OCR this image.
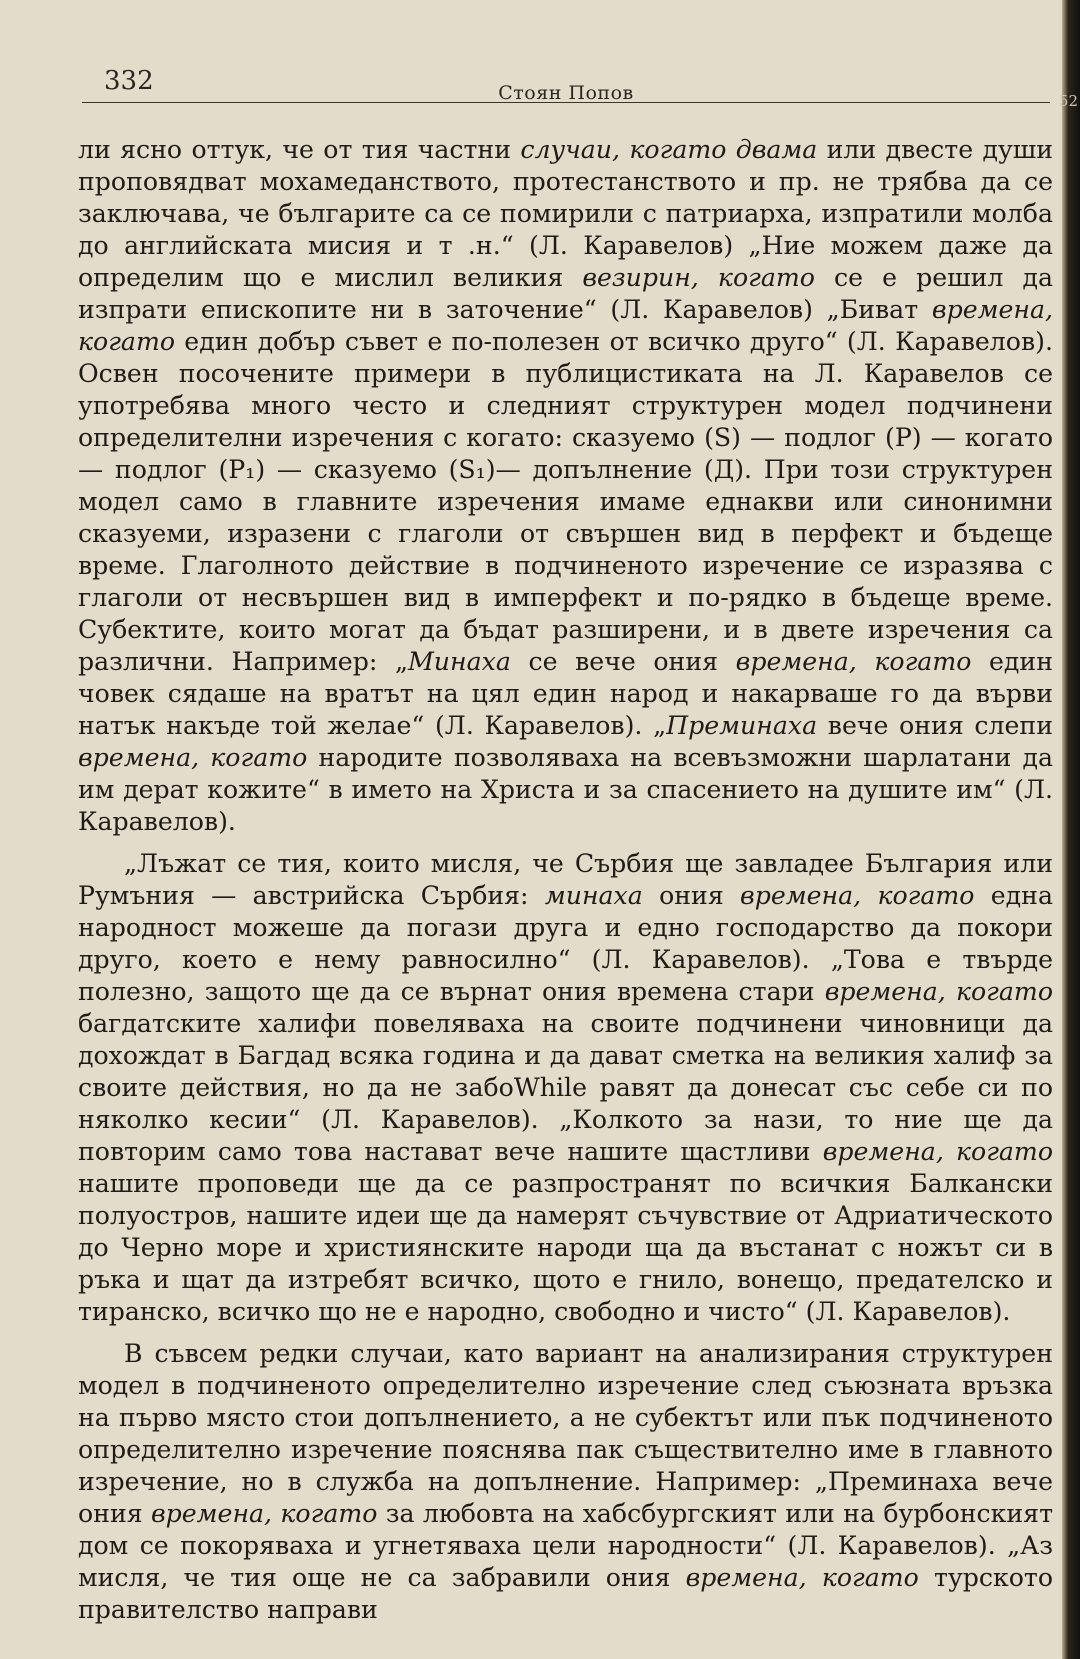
332	Стоян Попов

ли ясно оттук, че от тия частни случаи, когато двама или двесте души проповядват мохамеданството, протестанството и пр. не трябва да се заключава, че българите са се помирили с патриарха, изпратили молба до английската мисия и т .н.“ (Л. Каравелов) „Ние можем даже да определим що е мислил великия везирин, когато се е решил да изпрати епископите ни в заточение“ (Л. Каравелов) „Биват времена, когато един добър съвет е по-полезен от всичко друго“ (Л. Каравелов). Освен посочените примери в публицистиката на Л. Каравелов се употребява много често и следният структурен модел подчинени определителни изречения с когато: сказуемо (S) — подлог (P) — когато — подлог (P₁) — сказуемо (S₁)— допълнение (Д). При този структурен модел само в главните изречения имаме еднакви или синонимни сказуеми, изразени с глаголи от свършен вид в перфект и бъдеще време. Глаголното действие в подчиненото изречение се изразява с глаголи от несвършен вид в имперфект и по-рядко в бъдеще време. Субектите, които могат да бъдат разширени, и в двете изречения са различни. Например: „Минаха се вече ония времена, когато един човек сядаше на вратът на цял един народ и накарваше го да върви натък накъде той желае“ (Л. Каравелов). „Преминаха вече ония слепи времена, когато народите позволяваха на всевъзможни шарлатани да им дерат кожите“ в името на Христа и за спасението на душите им“ (Л. Каравелов).

„Лъжат се тия, които мисля, че Сърбия ще завладее България или Румъния — австрийска Сърбия: минаха ония времена, когато една народност можеше да погази друга и едно господарство да покори друго, което е нему равносилно“ (Л. Каравелов). „Това е твърде полезно, защото ще да се върнат ония времена стари времена, когато багдатските халифи повеляваха на своите подчинени чиновници да дохождат в Багдад всяка година и да дават сметка на великия халиф за своите действия, но да не забоWhile равят да донесат със себе си по няколко кесии“ (Л. Каравелов). „Колкото за нази, то ние ще да повторим само това настават вече нашите щастливи времена, когато нашите проповеди ще да се разпространят по всичкия Балкански полуостров, нашите идеи ще да намерят съчувствие от Адриатическото до Черно море и християнските народи ща да въстанат с ножът си в ръка и щат да изтребят всичко, щото е гнило, вонещо, предателско и тиранско, всичко що не е народно, свободно и чисто“ (Л. Каравелов).

В съвсем редки случаи, като вариант на анализирания структурен модел в подчиненото определително изречение след съюзната връзка на първо място стои допълнението, а не субектът или пък подчиненото определително изречение пояснява пак съществително име в главното изречение, но в служба на допълнение. Например: „Преминаха вече ония времена, когато за любовта на хабсбургският или на бурбонският дом се покоряваха и угнетяваха цели народности“ (Л. Каравелов). „Аз мисля, че тия още не са забравили ония времена, когато турското правителство направи

52
